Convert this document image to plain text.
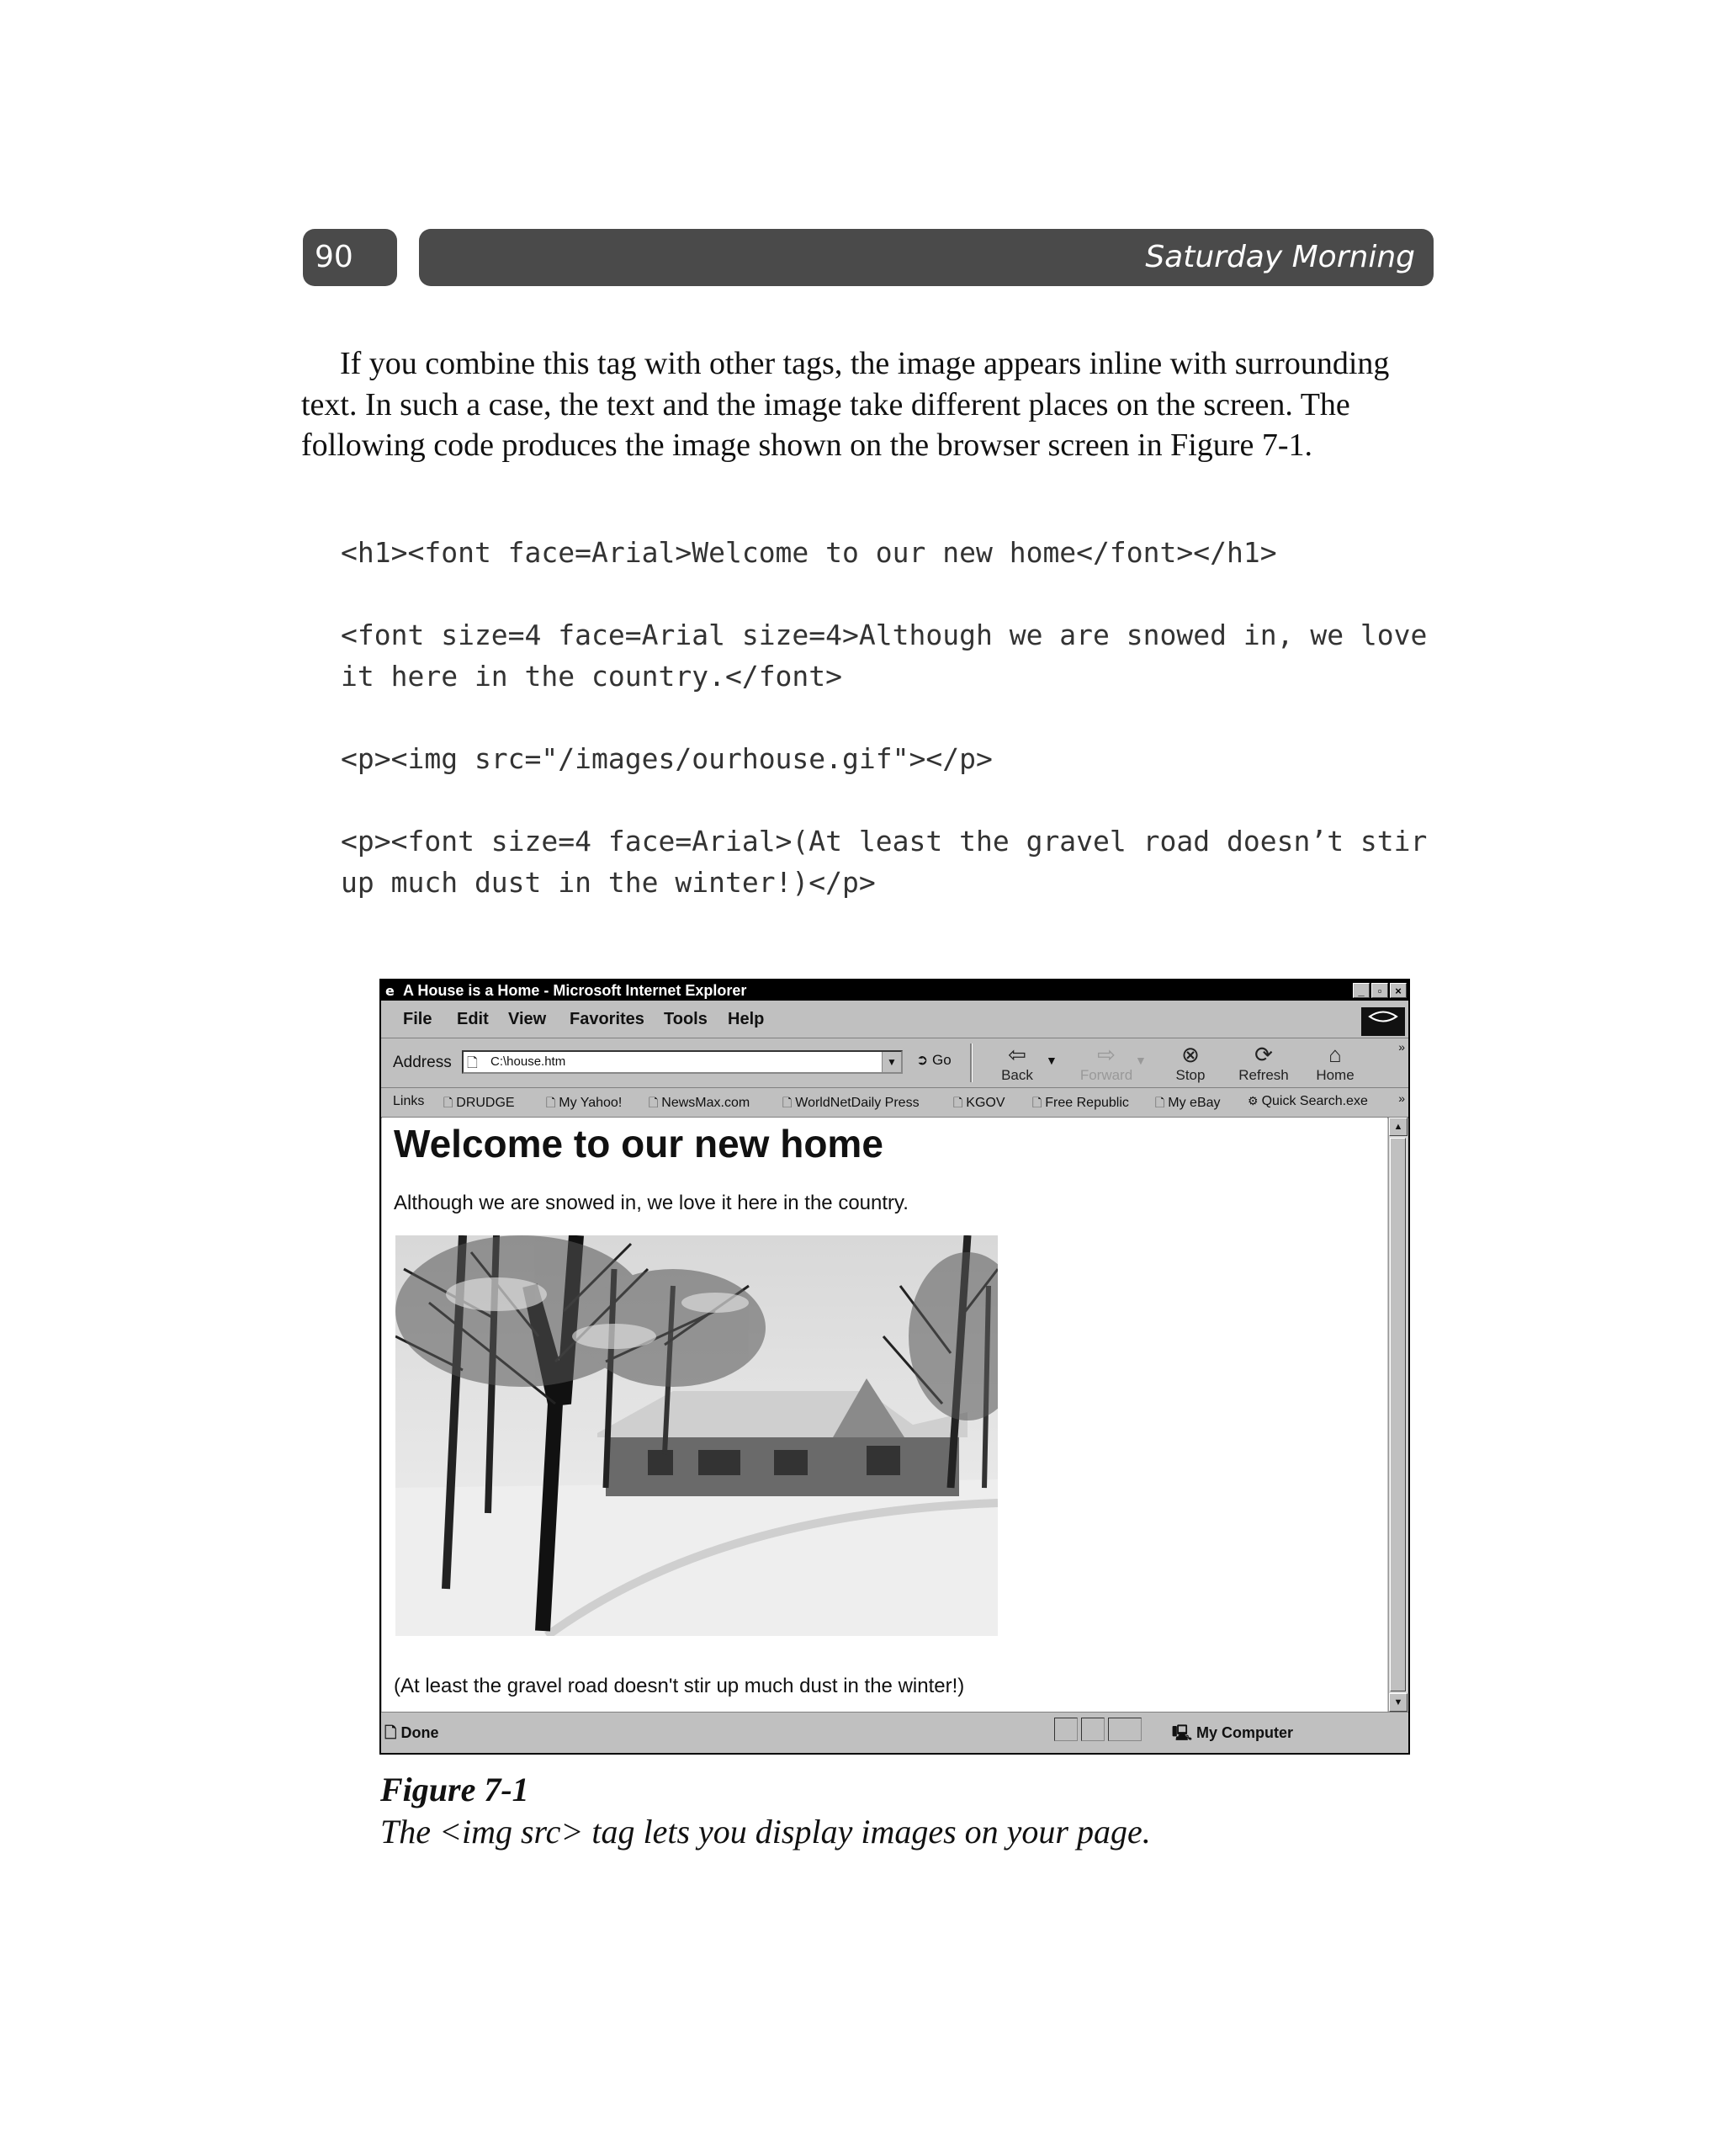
90	Saturday Morning

If you combine this tag with other tags, the image appears inline with surrounding text. In such a case, the text and the image take different places on the screen. The following code produces the image shown on the browser screen in Figure 7-1.

<h1><font face=Arial>Welcome to our new home</font></h1>
<font size=4 face=Arial size=4>Although we are snowed in, we love
it here in the country.</font>
<p><img src="/images/ourhouse.gif"></p>
<p><font size=4 face=Arial>(At least the gravel road doesn’t stir
up much dust in the winter!)</p>
e A House is a Home - Microsoft Internet Explorer	_	▫	×
File Edit View Favorites Tools Help
Address 🗋 C:\house.htm	▼ ➲ Go	⇦
Back
▼	⇨
Forward
▼	⊗
Stop
⟳
Refresh
⌂
Home
»
Links 🗋 DRUDGE	🗋 My Yahoo! 🗋 NewsMax.com	🗋 WorldNetDaily Press	🗋 KGOV 🗋 Free Republic 🗋 My eBay ⚙ Quick Search.exe	»
Welcome to our new home
Although we are snowed in, we love it here in the country.
(At least the gravel road doesn't stir up much dust in the winter!)
▲
▼
🗋 Done	🖳 My Computer
Figure 7-1
The <img src> tag lets you display images on your page.
